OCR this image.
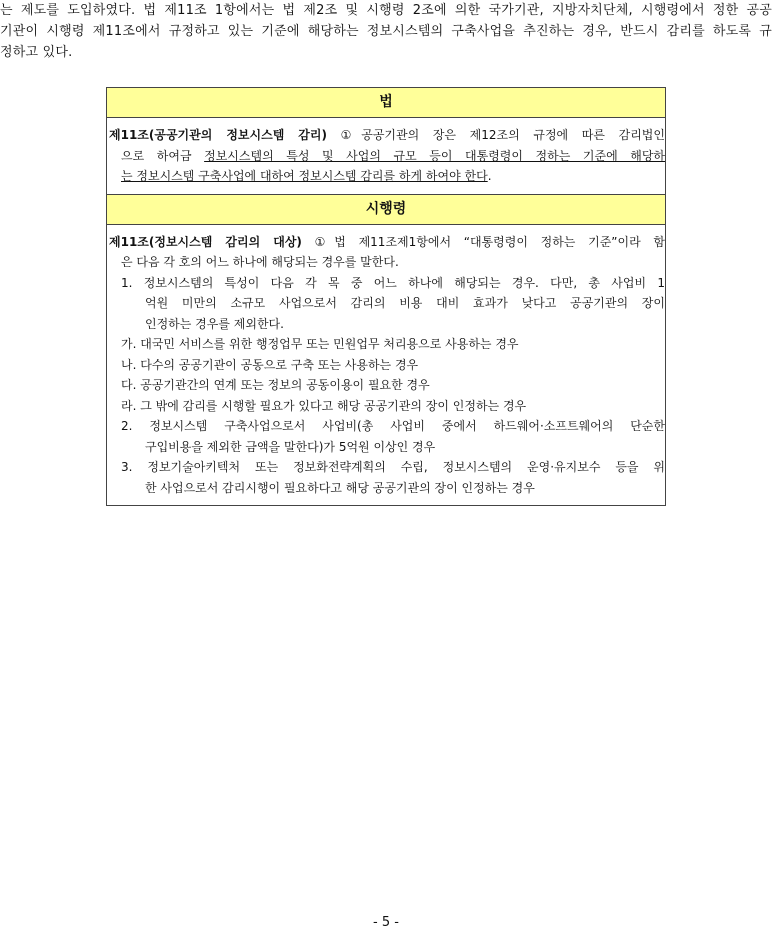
는 제도를 도입하였다. 법 제11조 1항에서는 법 제2조 및 시행령 2조에 의한 국가기관, 지방자치단체, 시행령에서 정한 공공

기관이 시행령 제11조에서 규정하고 있는 기준에 해당하는 정보시스템의 구축사업을 추진하는 경우, 반드시 감리를 하도록 규

정하고 있다.

법
제11조(공공기관의 정보시스템 감리) ①공공기관의 장은 제12조의 규정에 따른 감리법인
으로 하여금 정보시스템의 특성 및 사업의 규모 등이 대통령령이 정하는 기준에 해당하
는 정보시스템 구축사업에 대하여 정보시스템 감리를 하게 하여야 한다.
시행령
제11조(정보시스템 감리의 대상) ①법 제11조제1항에서 “대통령령이 정하는 기준”이라 함
은 다음 각 호의 어느 하나에 해당되는 경우를 말한다.
1. 정보시스템의 특성이 다음 각 목 중 어느 하나에 해당되는 경우. 다만, 총 사업비 1
억원 미만의 소규모 사업으로서 감리의 비용 대비 효과가 낮다고 공공기관의 장이
인정하는 경우를 제외한다.
가. 대국민 서비스를 위한 행정업무 또는 민원업무 처리용으로 사용하는 경우
나. 다수의 공공기관이 공동으로 구축 또는 사용하는 경우
다. 공공기관간의 연계 또는 정보의 공동이용이 필요한 경우
라. 그 밖에 감리를 시행할 필요가 있다고 해당 공공기관의 장이 인정하는 경우
2. 정보시스템 구축사업으로서 사업비(총 사업비 중에서 하드웨어·소프트웨어의 단순한
구입비용을 제외한 금액을 말한다)가 5억원 이상인 경우
3. 정보기술아키텍처 또는 정보화전략계획의 수립, 정보시스템의 운영·유지보수 등을 위
한 사업으로서 감리시행이 필요하다고 해당 공공기관의 장이 인정하는 경우
- 5 -
